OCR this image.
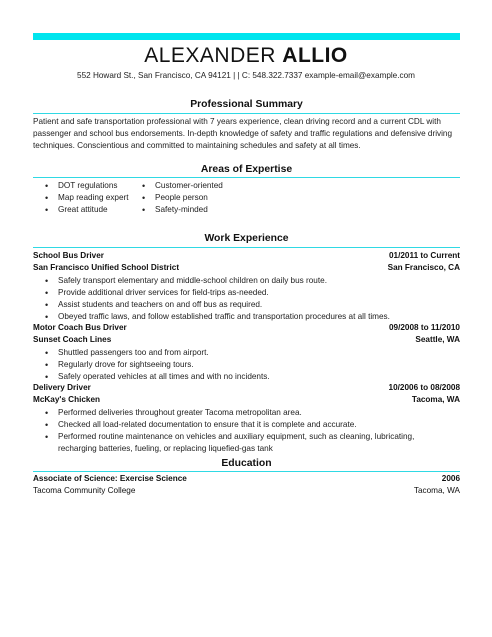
ALEXANDER ALLIO
552 Howard St., San Francisco, CA 94121 | | C: 548.322.7337 example-email@example.com
Professional Summary
Patient and safe transportation professional with 7 years experience, clean driving record and a current CDL with passenger and school bus endorsements. In-depth knowledge of safety and traffic regulations and defensive driving techniques. Conscientious and committed to maintaining schedules and safety at all times.
Areas of Expertise
• DOT regulations
• Map reading expert
• Great attitude
• Customer-oriented
• People person
• Safety-minded
Work Experience
School Bus Driver	01/2011 to Current
San Francisco Unified School District	San Francisco, CA
• Safely transport elementary and middle-school children on daily bus route.
• Provide additional driver services for field-trips as-needed.
• Assist students and teachers on and off bus as required.
• Obeyed traffic laws, and follow established traffic and transportation procedures at all times.
Motor Coach Bus Driver	09/2008 to 11/2010
Sunset Coach Lines	Seattle, WA
• Shuttled passengers too and from airport.
• Regularly drove for sightseeing tours.
• Safely operated vehicles at all times and with no incidents.
Delivery Driver	10/2006 to 08/2008
McKay's Chicken	Tacoma, WA
• Performed deliveries throughout greater Tacoma metropolitan area.
• Checked all load-related documentation to ensure that it is complete and accurate.
• Performed routine maintenance on vehicles and auxiliary equipment, such as cleaning, lubricating, recharging batteries, fueling, or replacing liquefied-gas tank
Education
Associate of Science: Exercise Science	2006
Tacoma Community College	Tacoma, WA
